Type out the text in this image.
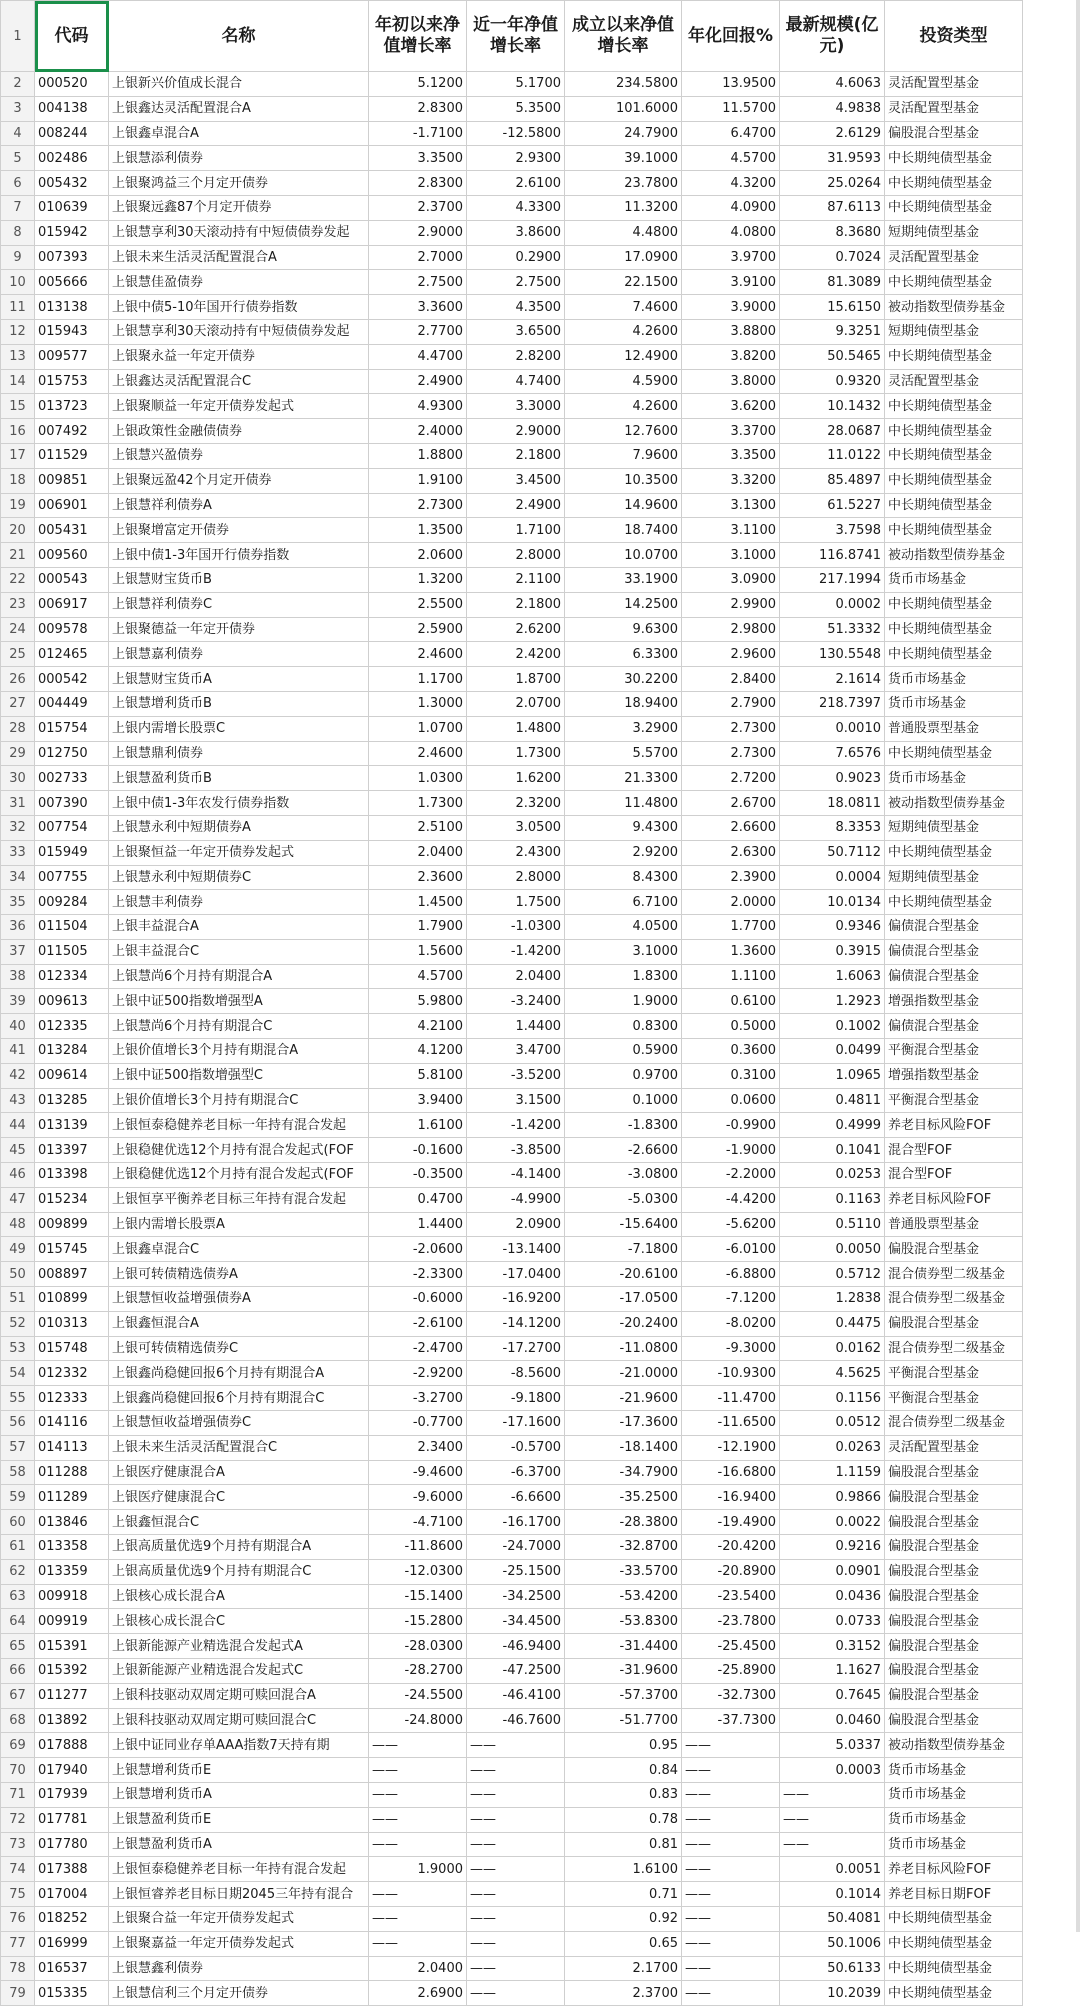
1	代码	名称	年初以来净值增长率	近一年净值增长率	成立以来净值增长率	年化回报%	最新规模(亿元)	投资类型
2	000520	上银新兴价值成长混合	5.1200	5.1700	234.5800	13.9500	4.6063	灵活配置型基金
3	004138	上银鑫达灵活配置混合A	2.8300	5.3500	101.6000	11.5700	4.9838	灵活配置型基金
4	008244	上银鑫卓混合A	-1.7100	-12.5800	24.7900	6.4700	2.6129	偏股混合型基金
5	002486	上银慧添利债券	3.3500	2.9300	39.1000	4.5700	31.9593	中长期纯债型基金
6	005432	上银聚鸿益三个月定开债券	2.8300	2.6100	23.7800	4.3200	25.0264	中长期纯债型基金
7	010639	上银聚远鑫87个月定开债券	2.3700	4.3300	11.3200	4.0900	87.6113	中长期纯债型基金
8	015942	上银慧享利30天滚动持有中短债债券发起	2.9000	3.8600	4.4800	4.0800	8.3680	短期纯债型基金
9	007393	上银未来生活灵活配置混合A	2.7000	0.2900	17.0900	3.9700	0.7024	灵活配置型基金
10	005666	上银慧佳盈债券	2.7500	2.7500	22.1500	3.9100	81.3089	中长期纯债型基金
11	013138	上银中债5-10年国开行债券指数	3.3600	4.3500	7.4600	3.9000	15.6150	被动指数型债券基金
12	015943	上银慧享利30天滚动持有中短债债券发起	2.7700	3.6500	4.2600	3.8800	9.3251	短期纯债型基金
13	009577	上银聚永益一年定开债券	4.4700	2.8200	12.4900	3.8200	50.5465	中长期纯债型基金
14	015753	上银鑫达灵活配置混合C	2.4900	4.7400	4.5900	3.8000	0.9320	灵活配置型基金
15	013723	上银聚顺益一年定开债券发起式	4.9300	3.3000	4.2600	3.6200	10.1432	中长期纯债型基金
16	007492	上银政策性金融债债券	2.4000	2.9000	12.7600	3.3700	28.0687	中长期纯债型基金
17	011529	上银慧兴盈债券	1.8800	2.1800	7.9600	3.3500	11.0122	中长期纯债型基金
18	009851	上银聚远盈42个月定开债券	1.9100	3.4500	10.3500	3.3200	85.4897	中长期纯债型基金
19	006901	上银慧祥利债券A	2.7300	2.4900	14.9600	3.1300	61.5227	中长期纯债型基金
20	005431	上银聚增富定开债券	1.3500	1.7100	18.7400	3.1100	3.7598	中长期纯债型基金
21	009560	上银中债1-3年国开行债券指数	2.0600	2.8000	10.0700	3.1000	116.8741	被动指数型债券基金
22	000543	上银慧财宝货币B	1.3200	2.1100	33.1900	3.0900	217.1994	货币市场基金
23	006917	上银慧祥利债券C	2.5500	2.1800	14.2500	2.9900	0.0002	中长期纯债型基金
24	009578	上银聚德益一年定开债券	2.5900	2.6200	9.6300	2.9800	51.3332	中长期纯债型基金
25	012465	上银慧嘉利债券	2.4600	2.4200	6.3300	2.9600	130.5548	中长期纯债型基金
26	000542	上银慧财宝货币A	1.1700	1.8700	30.2200	2.8400	2.1614	货币市场基金
27	004449	上银慧增利货币B	1.3000	2.0700	18.9400	2.7900	218.7397	货币市场基金
28	015754	上银内需增长股票C	1.0700	1.4800	3.2900	2.7300	0.0010	普通股票型基金
29	012750	上银慧鼎利债券	2.4600	1.7300	5.5700	2.7300	7.6576	中长期纯债型基金
30	002733	上银慧盈利货币B	1.0300	1.6200	21.3300	2.7200	0.9023	货币市场基金
31	007390	上银中债1-3年农发行债券指数	1.7300	2.3200	11.4800	2.6700	18.0811	被动指数型债券基金
32	007754	上银慧永利中短期债券A	2.5100	3.0500	9.4300	2.6600	8.3353	短期纯债型基金
33	015949	上银聚恒益一年定开债券发起式	2.0400	2.4300	2.9200	2.6300	50.7112	中长期纯债型基金
34	007755	上银慧永利中短期债券C	2.3600	2.8000	8.4300	2.3900	0.0004	短期纯债型基金
35	009284	上银慧丰利债券	1.4500	1.7500	6.7100	2.0000	10.0134	中长期纯债型基金
36	011504	上银丰益混合A	1.7900	-1.0300	4.0500	1.7700	0.9346	偏债混合型基金
37	011505	上银丰益混合C	1.5600	-1.4200	3.1000	1.3600	0.3915	偏债混合型基金
38	012334	上银慧尚6个月持有期混合A	4.5700	2.0400	1.8300	1.1100	1.6063	偏债混合型基金
39	009613	上银中证500指数增强型A	5.9800	-3.2400	1.9000	0.6100	1.2923	增强指数型基金
40	012335	上银慧尚6个月持有期混合C	4.2100	1.4400	0.8300	0.5000	0.1002	偏债混合型基金
41	013284	上银价值增长3个月持有期混合A	4.1200	3.4700	0.5900	0.3600	0.0499	平衡混合型基金
42	009614	上银中证500指数增强型C	5.8100	-3.5200	0.9700	0.3100	1.0965	增强指数型基金
43	013285	上银价值增长3个月持有期混合C	3.9400	3.1500	0.1000	0.0600	0.4811	平衡混合型基金
44	013139	上银恒泰稳健养老目标一年持有混合发起	1.6100	-1.4200	-1.8300	-0.9900	0.4999	养老目标风险FOF
45	013397	上银稳健优选12个月持有混合发起式(FOF	-0.1600	-3.8500	-2.6600	-1.9000	0.1041	混合型FOF
46	013398	上银稳健优选12个月持有混合发起式(FOF	-0.3500	-4.1400	-3.0800	-2.2000	0.0253	混合型FOF
47	015234	上银恒享平衡养老目标三年持有混合发起	0.4700	-4.9900	-5.0300	-4.4200	0.1163	养老目标风险FOF
48	009899	上银内需增长股票A	1.4400	2.0900	-15.6400	-5.6200	0.5110	普通股票型基金
49	015745	上银鑫卓混合C	-2.0600	-13.1400	-7.1800	-6.0100	0.0050	偏股混合型基金
50	008897	上银可转债精选债券A	-2.3300	-17.0400	-20.6100	-6.8800	0.5712	混合债券型二级基金
51	010899	上银慧恒收益增强债券A	-0.6000	-16.9200	-17.0500	-7.1200	1.2838	混合债券型二级基金
52	010313	上银鑫恒混合A	-2.6100	-14.1200	-20.2400	-8.0200	0.4475	偏股混合型基金
53	015748	上银可转债精选债券C	-2.4700	-17.2700	-11.0800	-9.3000	0.0162	混合债券型二级基金
54	012332	上银鑫尚稳健回报6个月持有期混合A	-2.9200	-8.5600	-21.0000	-10.9300	4.5625	平衡混合型基金
55	012333	上银鑫尚稳健回报6个月持有期混合C	-3.2700	-9.1800	-21.9600	-11.4700	0.1156	平衡混合型基金
56	014116	上银慧恒收益增强债券C	-0.7700	-17.1600	-17.3600	-11.6500	0.0512	混合债券型二级基金
57	014113	上银未来生活灵活配置混合C	2.3400	-0.5700	-18.1400	-12.1900	0.0263	灵活配置型基金
58	011288	上银医疗健康混合A	-9.4600	-6.3700	-34.7900	-16.6800	1.1159	偏股混合型基金
59	011289	上银医疗健康混合C	-9.6000	-6.6600	-35.2500	-16.9400	0.9866	偏股混合型基金
60	013846	上银鑫恒混合C	-4.7100	-16.1700	-28.3800	-19.4900	0.0022	偏股混合型基金
61	013358	上银高质量优选9个月持有期混合A	-11.8600	-24.7000	-32.8700	-20.4200	0.9216	偏股混合型基金
62	013359	上银高质量优选9个月持有期混合C	-12.0300	-25.1500	-33.5700	-20.8900	0.0901	偏股混合型基金
63	009918	上银核心成长混合A	-15.1400	-34.2500	-53.4200	-23.5400	0.0436	偏股混合型基金
64	009919	上银核心成长混合C	-15.2800	-34.4500	-53.8300	-23.7800	0.0733	偏股混合型基金
65	015391	上银新能源产业精选混合发起式A	-28.0300	-46.9400	-31.4400	-25.4500	0.3152	偏股混合型基金
66	015392	上银新能源产业精选混合发起式C	-28.2700	-47.2500	-31.9600	-25.8900	1.1627	偏股混合型基金
67	011277	上银科技驱动双周定期可赎回混合A	-24.5500	-46.4100	-57.3700	-32.7300	0.7645	偏股混合型基金
68	013892	上银科技驱动双周定期可赎回混合C	-24.8000	-46.7600	-51.7700	-37.7300	0.0460	偏股混合型基金
69	017888	上银中证同业存单AAA指数7天持有期	——	——	0.95	——	5.0337	被动指数型债券基金
70	017940	上银慧增利货币E	——	——	0.84	——	0.0003	货币市场基金
71	017939	上银慧增利货币A	——	——	0.83	——	——	货币市场基金
72	017781	上银慧盈利货币E	——	——	0.78	——	——	货币市场基金
73	017780	上银慧盈利货币A	——	——	0.81	——	——	货币市场基金
74	017388	上银恒泰稳健养老目标一年持有混合发起	1.9000	——	1.6100	——	0.0051	养老目标风险FOF
75	017004	上银恒睿养老目标日期2045三年持有混合	——	——	0.71	——	0.1014	养老目标日期FOF
76	018252	上银聚合益一年定开债券发起式	——	——	0.92	——	50.4081	中长期纯债型基金
77	016999	上银聚嘉益一年定开债券发起式	——	——	0.65	——	50.1006	中长期纯债型基金
78	016537	上银慧鑫利债券	2.0400	——	2.1700	——	50.6133	中长期纯债型基金
79	015335	上银慧信利三个月定开债券	2.6900	——	2.3700	——	10.2039	中长期纯债型基金
